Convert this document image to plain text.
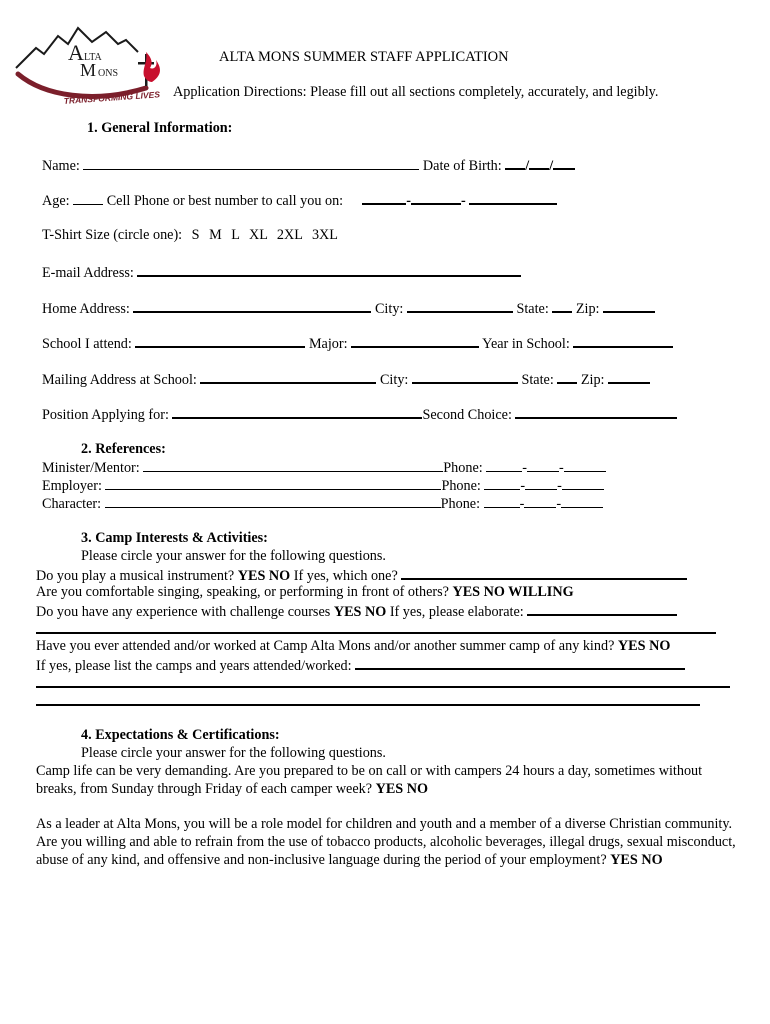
A LTA
M ONS
TRANSFORMING LIVES
ALTA MONS SUMMER STAFF APPLICATION
Application Directions: Please fill out all sections completely, accurately, and legibly.
1. General Information:
Name:	Date of Birth: / /
Age:	Cell Phone or best number to call you on:	-	-
T-Shirt Size (circle one): S M L XL 2XL 3XL
E-mail Address:
Home Address:	City:	State: Zip:
School I attend:	Major:	Year in School:
Mailing Address at School:	City:	State: Zip:
Position Applying for:	Second Choice:
2. References:
Minister/Mentor:	Phone:	- -
Employer:	Phone:	- -
Character:	Phone:	- -
3. Camp Interests & Activities:
Please circle your answer for the following questions.
Do you play a musical instrument? YES NO If yes, which one?
Are you comfortable singing, speaking, or performing in front of others? YES NO WILLING
Do you have any experience with challenge courses YES NO If yes, please elaborate:
Have you ever attended and/or worked at Camp Alta Mons and/or another summer camp of any kind? YES NO
If yes, please list the camps and years attended/worked:
4. Expectations & Certifications:
Please circle your answer for the following questions.
Camp life can be very demanding. Are you prepared to be on call or with campers 24 hours a day, sometimes without breaks, from Sunday through Friday of each camper week? YES NO
As a leader at Alta Mons, you will be a role model for children and youth and a member of a diverse Christian community. Are you willing and able to refrain from the use of tobacco products, alcoholic beverages, illegal drugs, sexual misconduct, abuse of any kind, and offensive and non-inclusive language during the period of your employment? YES NO
